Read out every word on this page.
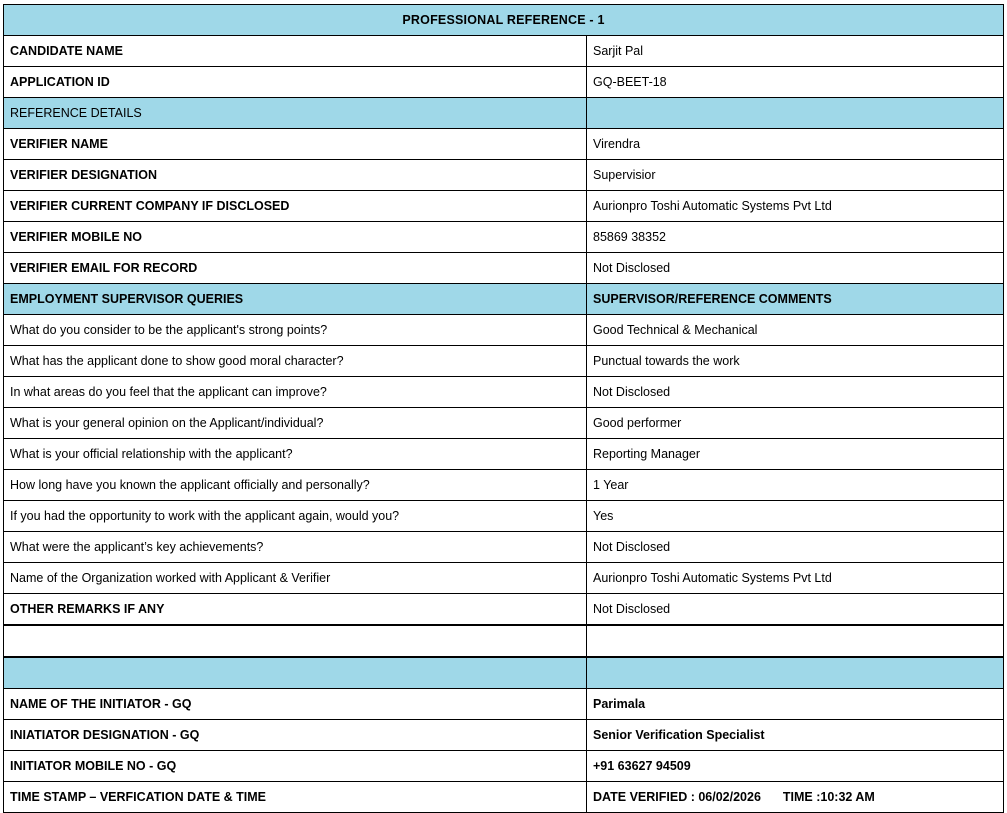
PROFESSIONAL REFERENCE - 1	
CANDIDATE NAME	Sarjit Pal
APPLICATION ID	GQ-BEET-18
REFERENCE DETAILS	
VERIFIER NAME	Virendra
VERIFIER DESIGNATION	Supervisior
VERIFIER CURRENT COMPANY IF DISCLOSED	Aurionpro Toshi Automatic Systems Pvt Ltd
VERIFIER MOBILE NO	85869 38352
VERIFIER EMAIL FOR RECORD	Not Disclosed
EMPLOYMENT SUPERVISOR QUERIES	SUPERVISOR/REFERENCE COMMENTS
What do you consider to be the applicant's strong points?	Good Technical & Mechanical
What has the applicant done to show good moral character?	Punctual towards the work
In what areas do you feel that the applicant can improve?	Not Disclosed
What is your general opinion on the Applicant/individual?	Good performer
What is your official relationship with the applicant?	Reporting Manager
How long have you known the applicant officially and personally?	1 Year
If you had the opportunity to work with the applicant again, would you?	Yes
What were the applicant’s key achievements?	Not Disclosed
Name of the Organization worked with Applicant & Verifier	Aurionpro Toshi Automatic Systems Pvt Ltd
OTHER REMARKS IF ANY	Not Disclosed

NAME OF THE INITIATOR - GQ	Parimala
INIATIATOR DESIGNATION - GQ	Senior Verification Specialist
INITIATOR MOBILE NO - GQ	+91 63627 94509
TIME STAMP – VERFICATION DATE & TIME	DATE VERIFIED : 06/02/2026 TIME :10:32 AM
